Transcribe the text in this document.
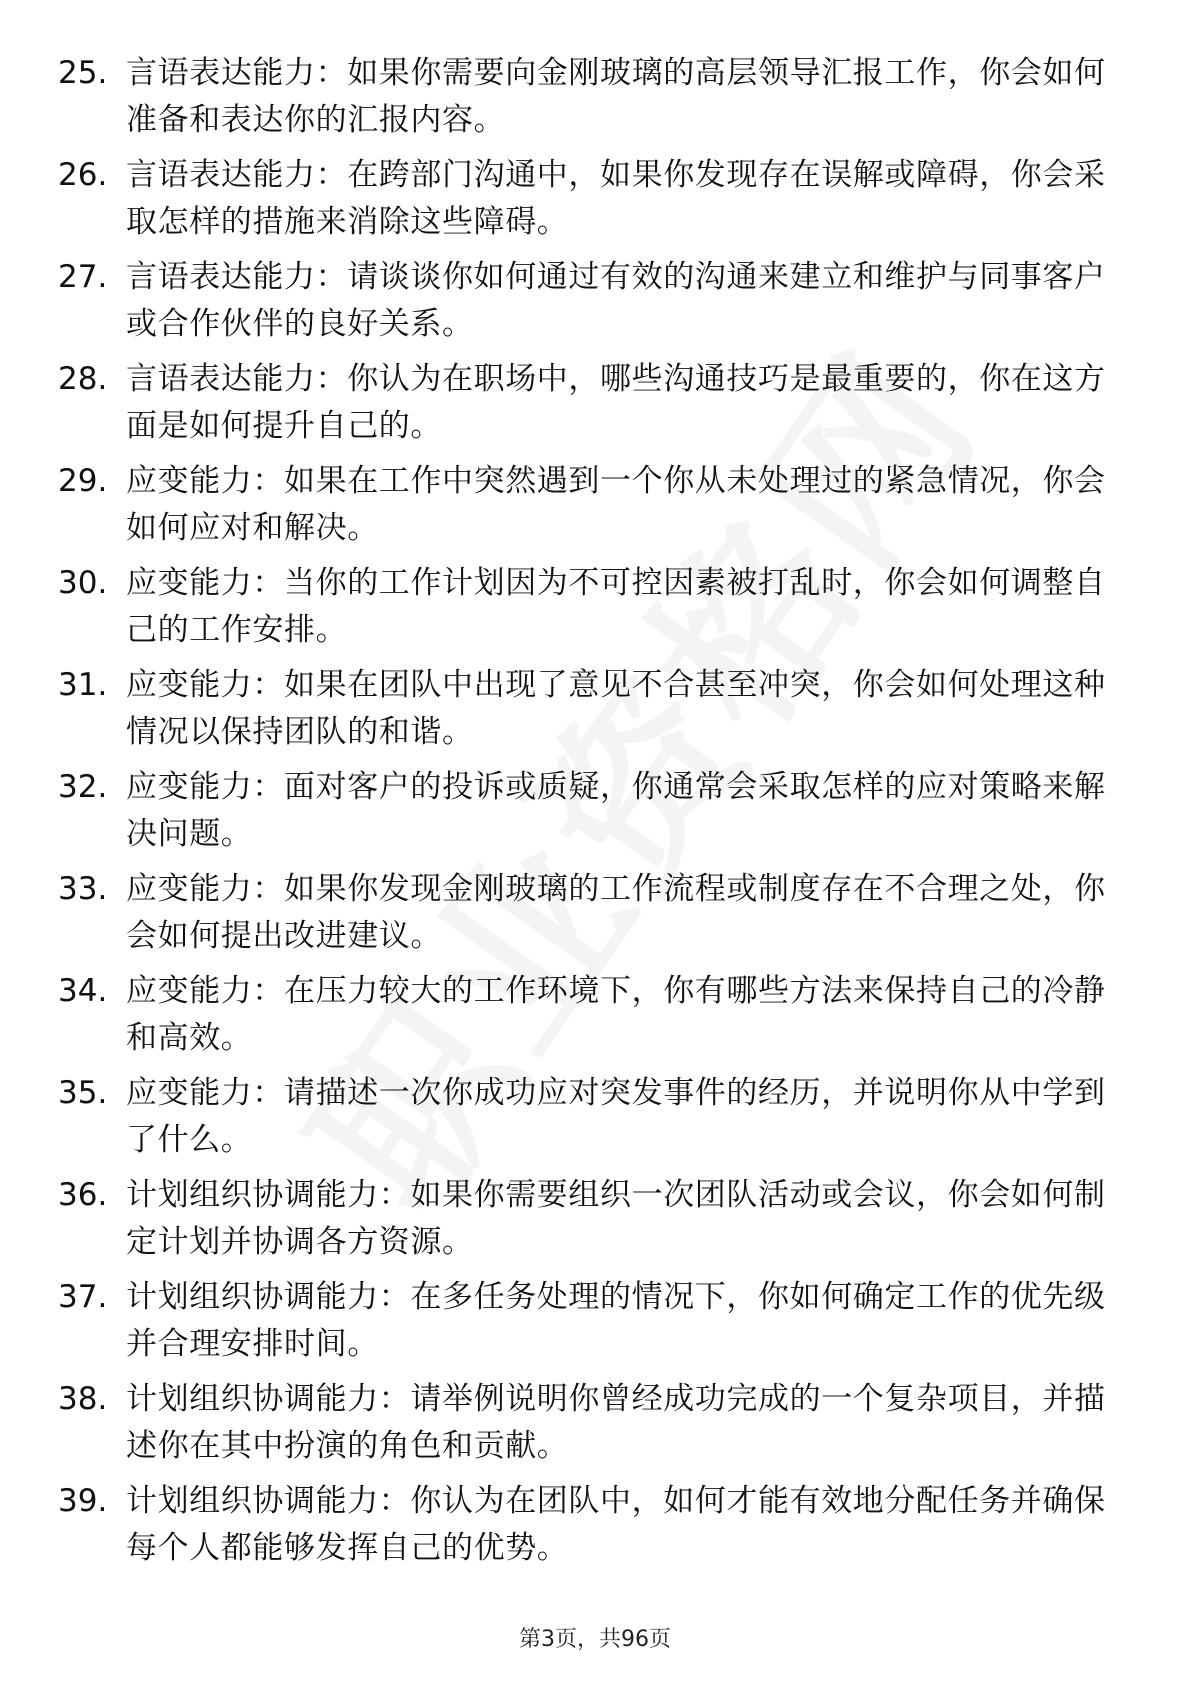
25. 言语表达能力：如果你需要向金刚玻璃的高层领导汇报工作，你会如何准备和表达你的汇报内容。
26. 言语表达能力：在跨部门沟通中，如果你发现存在误解或障碍，你会采取怎样的措施来消除这些障碍。
27. 言语表达能力：请谈谈你如何通过有效的沟通来建立和维护与同事客户或合作伙伴的良好关系。
28. 言语表达能力：你认为在职场中，哪些沟通技巧是最重要的，你在这方面是如何提升自己的。
29. 应变能力：如果在工作中突然遇到一个你从未处理过的紧急情况，你会如何应对和解决。
30. 应变能力：当你的工作计划因为不可控因素被打乱时，你会如何调整自己的工作安排。
31. 应变能力：如果在团队中出现了意见不合甚至冲突，你会如何处理这种情况以保持团队的和谐。
32. 应变能力：面对客户的投诉或质疑，你通常会采取怎样的应对策略来解决问题。
33. 应变能力：如果你发现金刚玻璃的工作流程或制度存在不合理之处，你会如何提出改进建议。
34. 应变能力：在压力较大的工作环境下，你有哪些方法来保持自己的冷静和高效。
35. 应变能力：请描述一次你成功应对突发事件的经历，并说明你从中学到了什么。
36. 计划组织协调能力：如果你需要组织一次团队活动或会议，你会如何制定计划并协调各方资源。
37. 计划组织协调能力：在多任务处理的情况下，你如何确定工作的优先级并合理安排时间。
38. 计划组织协调能力：请举例说明你曾经成功完成的一个复杂项目，并描述你在其中扮演的角色和贡献。
39. 计划组织协调能力：你认为在团队中，如何才能有效地分配任务并确保每个人都能够发挥自己的优势。
第3页，共96页
